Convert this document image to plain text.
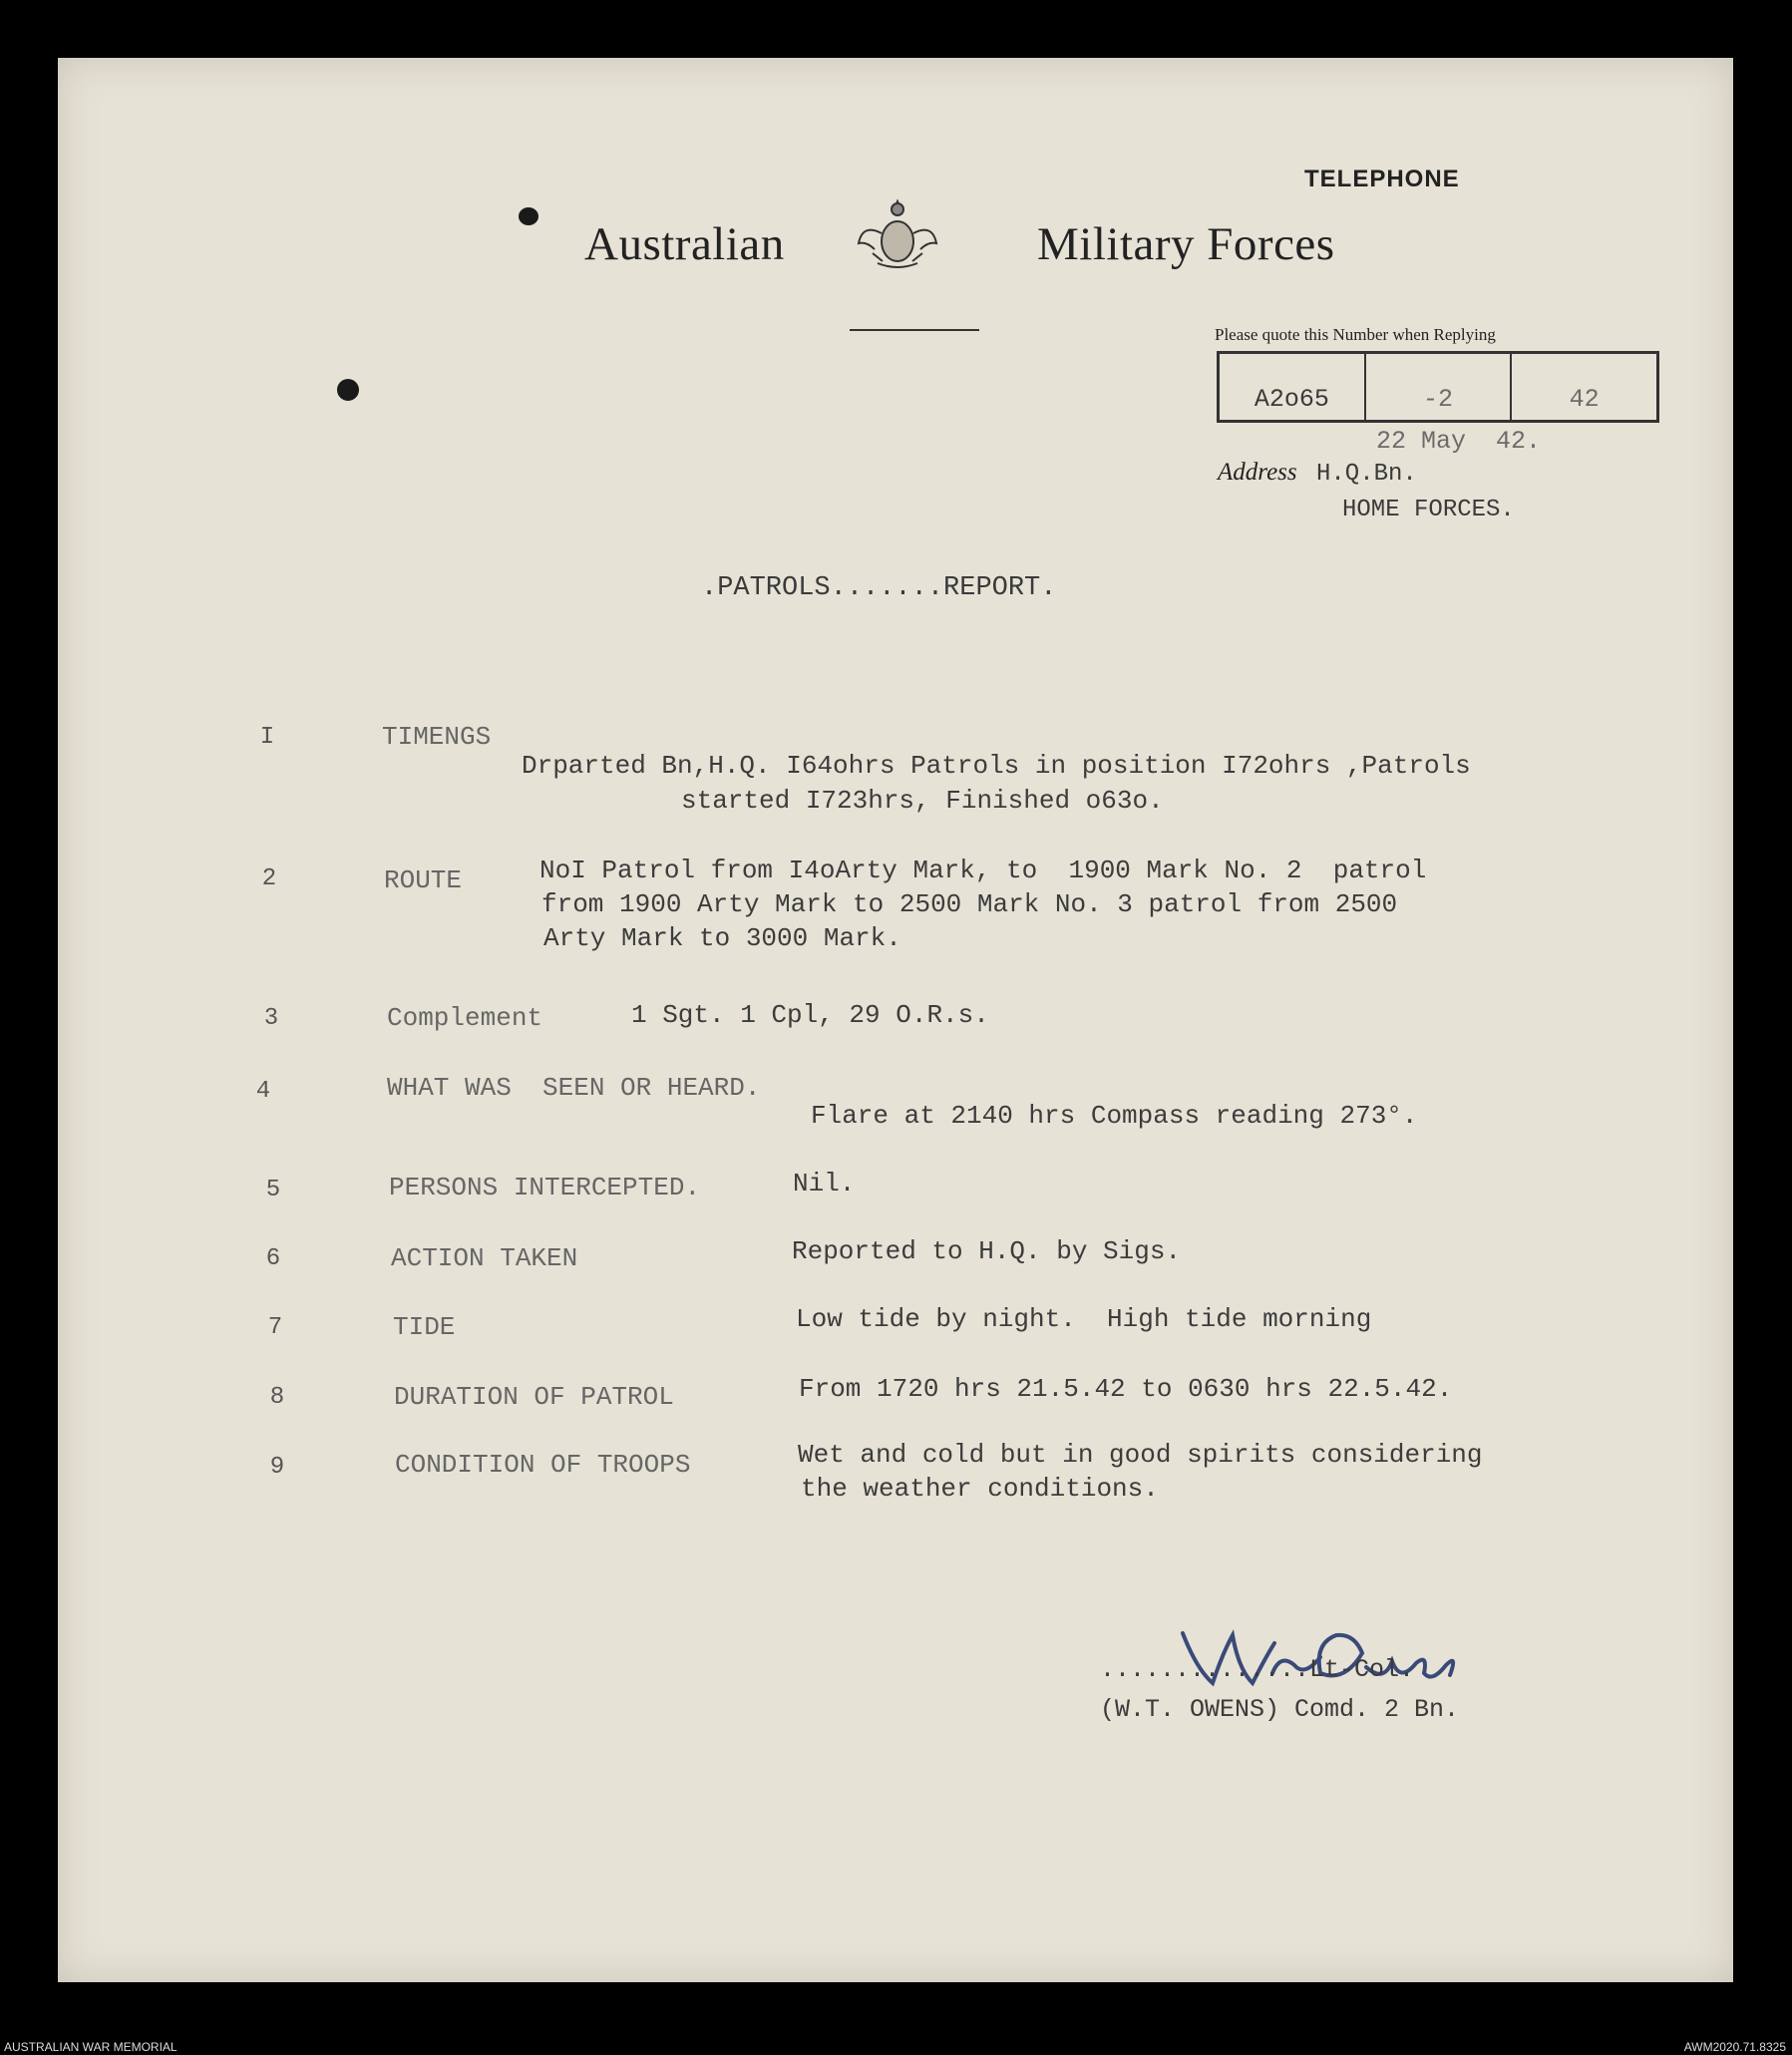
Australian	Military Forces
TELEPHONE
Please quote this Number when Replying
A2o65	-2	42
22 May  42.
Address H.Q.Bn.
HOME FORCES.
.PATROLS.......REPORT.
I	TIMENGS
Drparted Bn,H.Q. I64ohrs Patrols in position I72ohrs ,Patrols
started I723hrs, Finished o63o.
2	ROUTE	NoI Patrol from I4oArty Mark, to  1900 Mark No. 2  patrol
from 1900 Arty Mark to 2500 Mark No. 3 patrol from 2500
Arty Mark to 3000 Mark.
3	Complement	1 Sgt. 1 Cpl, 29 O.R.s.
4	WHAT WAS  SEEN OR HEARD.
Flare at 2140 hrs Compass reading 273°.
5	PERSONS INTERCEPTED.	Nil.
6	ACTION TAKEN	Reported to H.Q. by Sigs.
7	TIDE	Low tide by night.  High tide morning
8	DURATION OF PATROL	From 1720 hrs 21.5.42 to 0630 hrs 22.5.42.
9	CONDITION OF TROOPS	Wet and cold but in good spirits considering
the weather conditions.
..............Lt-Col.
(W.T. OWENS) Comd. 2 Bn.
AUSTRALIAN WAR MEMORIAL	AWM2020.71.8325
